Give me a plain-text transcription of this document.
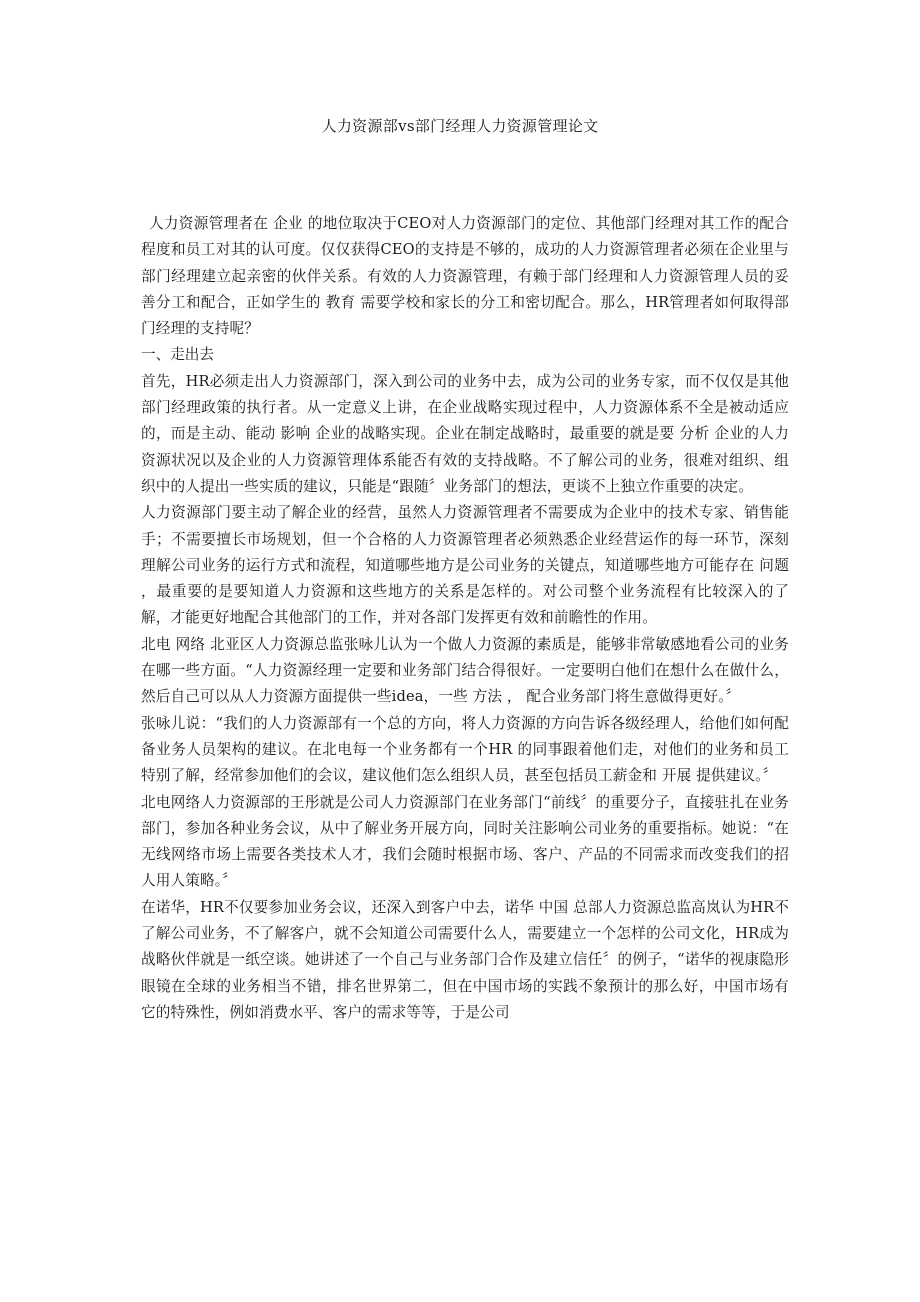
人力资源部vs部门经理人力资源管理论文

人力资源管理者在 企业 的地位取决于CEO对人力资源部门的定位、其他部门经理对其工作的配合程度和员工对其的认可度。仅仅获得CEO的支持是不够的，成功的人力资源管理者必须在企业里与部门经理建立起亲密的伙伴关系。有效的人力资源管理，有赖于部门经理和人力资源管理人员的妥善分工和配合，正如学生的 教育 需要学校和家长的分工和密切配合。那么，HR管理者如何取得部门经理的支持呢？

一、走出去

首先，HR必须走出人力资源部门，深入到公司的业务中去，成为公司的业务专家，而不仅仅是其他部门经理政策的执行者。从一定意义上讲，在企业战略实现过程中，人力资源体系不全是被动适应的，而是主动、能动 影响 企业的战略实现。企业在制定战略时，最重要的就是要 分析 企业的人力资源状况以及企业的人力资源管理体系能否有效的支持战略。不了解公司的业务，很难对组织、组织中的人提出一些实质的建议，只能是“跟随〞业务部门的想法，更谈不上独立作重要的决定。

人力资源部门要主动了解企业的经营，虽然人力资源管理者不需要成为企业中的技术专家、销售能手；不需要擅长市场规划，但一个合格的人力资源管理者必须熟悉企业经营运作的每一环节，深刻理解公司业务的运行方式和流程，知道哪些地方是公司业务的关键点，知道哪些地方可能存在 问题 ，最重要的是要知道人力资源和这些地方的关系是怎样的。对公司整个业务流程有比较深入的了解，才能更好地配合其他部门的工作，并对各部门发挥更有效和前瞻性的作用。

北电 网络 北亚区人力资源总监张咏儿认为一个做人力资源的素质是，能够非常敏感地看公司的业务在哪一些方面。“人力资源经理一定要和业务部门结合得很好。一定要明白他们在想什么在做什么，然后自己可以从人力资源方面提供一些idea，一些 方法 ， 配合业务部门将生意做得更好。〞

张咏儿说：“我们的人力资源部有一个总的方向，将人力资源的方向告诉各级经理人，给他们如何配备业务人员架构的建议。在北电每一个业务都有一个HR 的同事跟着他们走，对他们的业务和员工特别了解，经常参加他们的会议，建议他们怎么组织人员，甚至包括员工薪金和 开展 提供建议。〞

北电网络人力资源部的王彤就是公司人力资源部门在业务部门“前线〞的重要分子，直接驻扎在业务部门，参加各种业务会议，从中了解业务开展方向，同时关注影响公司业务的重要指标。她说：“在无线网络市场上需要各类技术人才，我们会随时根据市场、客户、产品的不同需求而改变我们的招人用人策略。〞

在诺华，HR不仅要参加业务会议，还深入到客户中去，诺华 中国 总部人力资源总监高岚认为HR不了解公司业务，不了解客户，就不会知道公司需要什么人，需要建立一个怎样的公司文化，HR成为战略伙伴就是一纸空谈。她讲述了一个自己与业务部门合作及建立信任〞的例子，“诺华的视康隐形眼镜在全球的业务相当不错，排名世界第二，但在中国市场的实践不象预计的那么好，中国市场有它的特殊性，例如消费水平、客户的需求等等，于是公司
